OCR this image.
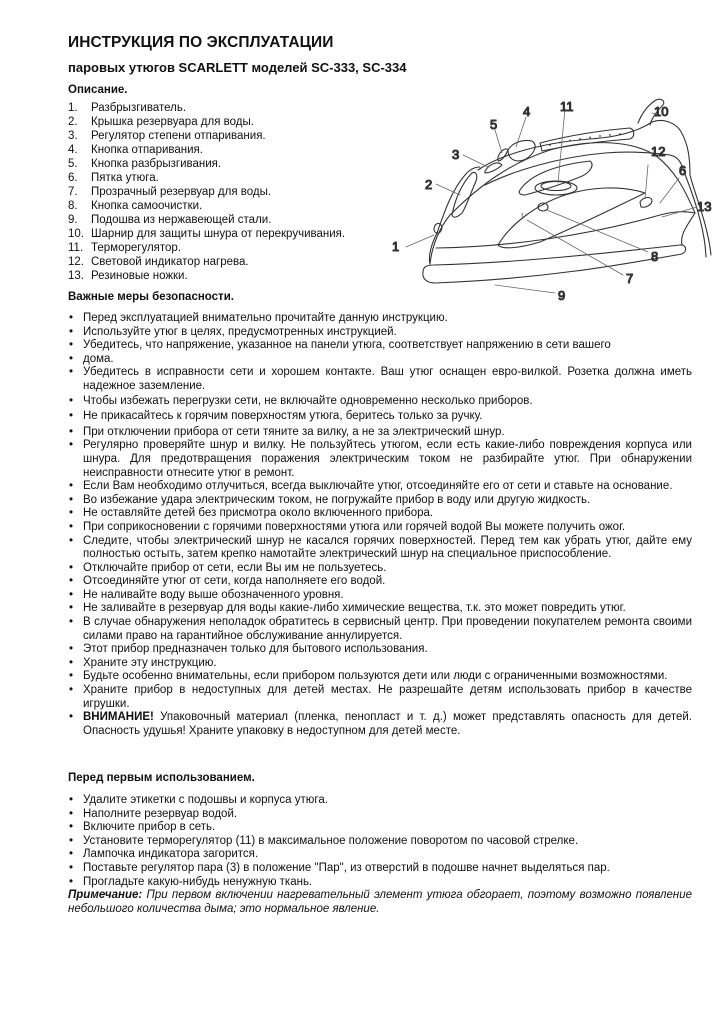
ИНСТРУКЦИЯ ПО ЭКСПЛУАТАЦИИ
паровых утюгов SCARLETT моделей SC-333, SC-334
Описание.
1.	Разбрызгиватель.
2.	Крышка резервуара для воды.
3.	Регулятор степени отпаривания.
4.	Кнопка отпаривания.
5.	Кнопка разбрызгивания.
6.	Пятка утюга.
7.	Прозрачный резервуар для воды.
8.	Кнопка самоочистки.
9.	Подошва из нержавеющей стали.
10. Шарнир для защиты шнура от перекручивания.
11. Терморегулятор.
12. Световой индикатор нагрева.
13. Резиновые ножки.
Важные меры безопасности.
• Перед эксплуатацией внимательно прочитайте данную инструкцию.
• Используйте утюг в целях, предусмотренных инструкцией.
• Убедитесь, что напряжение, указанное на панели утюга, соответствует напряжению в сети вашего
• дома.
• Убедитесь в исправности сети и хорошем контакте. Ваш утюг оснащен евро-вилкой. Розетка должна иметь надежное заземление.
• Чтобы избежать перегрузки сети, не включайте одновременно несколько приборов.
• Не прикасайтесь к горячим поверхностям утюга, беритесь только за ручку.
• При отключении прибора от сети тяните за вилку, а не за электрический шнур.
• Регулярно проверяйте шнур и вилку. Не пользуйтесь утюгом, если есть какие-либо повреждения корпуса или шнура. Для предотвращения поражения электрическим током не разбирайте утюг. При обнаружении неисправности отнесите утюг в ремонт.
• Если Вам необходимо отлучиться, всегда выключайте утюг, отсоединяйте его от сети и ставьте на основание.
• Во избежание удара электрическим током, не погружайте прибор в воду или другую жидкость.
• Не оставляйте детей без присмотра около включенного прибора.
• При соприкосновении с горячими поверхностями утюга или горячей водой Вы можете получить ожог.
• Следите, чтобы электрический шнур не касался горячих поверхностей. Перед тем как убрать утюг, дайте ему полностью остыть, затем крепко намотайте электрический шнур на специальное приспособление.
• Отключайте прибор от сети, если Вы им не пользуетесь.
• Отсоединяйте утюг от сети, когда наполняете его водой.
• Не наливайте воду выше обозначенного уровня.
• Не заливайте в резервуар для воды какие-либо химические вещества, т.к. это может повредить утюг.
• В случае обнаружения неполадок обратитесь в сервисный центр. При проведении покупателем ремонта своими силами право на гарантийное обслуживание аннулируется.
• Этот прибор предназначен только для бытового использования.
• Храните эту инструкцию.
• Будьте особенно внимательны, если прибором пользуются дети или люди с ограниченными возможностями.
• Храните прибор в недоступных для детей местах. Не разрешайте детям использовать прибор в качестве игрушки.
• ВНИМАНИЕ! Упаковочный материал (пленка, пенопласт и т. д.) может представлять опасность для детей. Опасность удушья! Храните упаковку в недоступном для детей месте.
Перед первым использованием.
• Удалите этикетки с подошвы и корпуса утюга.
• Наполните резервуар водой.
• Включите прибор в сеть.
• Установите терморегулятор (11) в максимальное положение поворотом по часовой стрелке.
• Лампочка индикатора загорится.
• Поставьте регулятор пара (3) в положение "Пар", из отверстий в подошве начнет выделяться пар.
• Прогладьте какую-нибудь ненужную ткань.

Примечание: При первом включении нагревательный элемент утюга обгорает, поэтому возможно появление небольшого количества дыма; это нормальное явление.

!
1
2
3
4
5
6
7
8
9
10
11
12
13
